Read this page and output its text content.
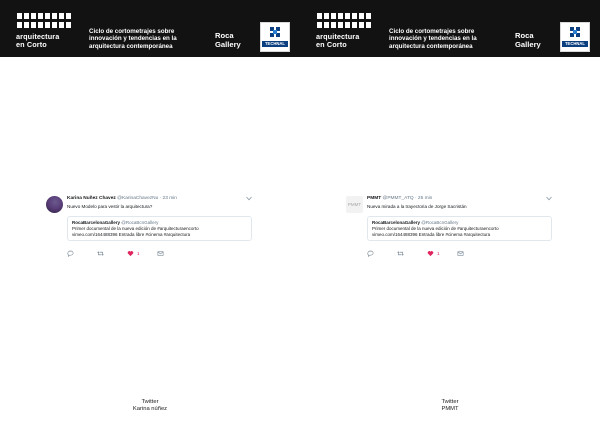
arquitectura
en Corto
Ciclo de cortometrajes sobre
innovación y tendencias en la
arquitectura contemporánea
Roca
Gallery	TECHNAL
Karina Nuñez Chavez @KarinaChavezNu · 23 min
Nuevo Modelo para vestir la arquitectura?
RocaBarcelonaGallery @RocaBcnGallery
Primer documental de la nueva edición de #arquitecturaencorto
vimeo.com/164488396 Entrada libre #cinema #arquitectura
1
Twitter
Karina núñez
arquitectura
en Corto
Ciclo de cortometrajes sobre
innovación y tendencias en la
arquitectura contemporánea
Roca
Gallery	TECHNAL
PMMT
PMMT @PMMT_ATQ · 25 min
Nueva mirada a la trayectoria de Jorge Sacristán
RocaBarcelonaGallery @RocaBcnGallery
Primer documental de la nueva edición de #arquitecturaencorto
vimeo.com/164488396 Entrada libre #cinema #arquitectura
1
Twitter
PMMT
